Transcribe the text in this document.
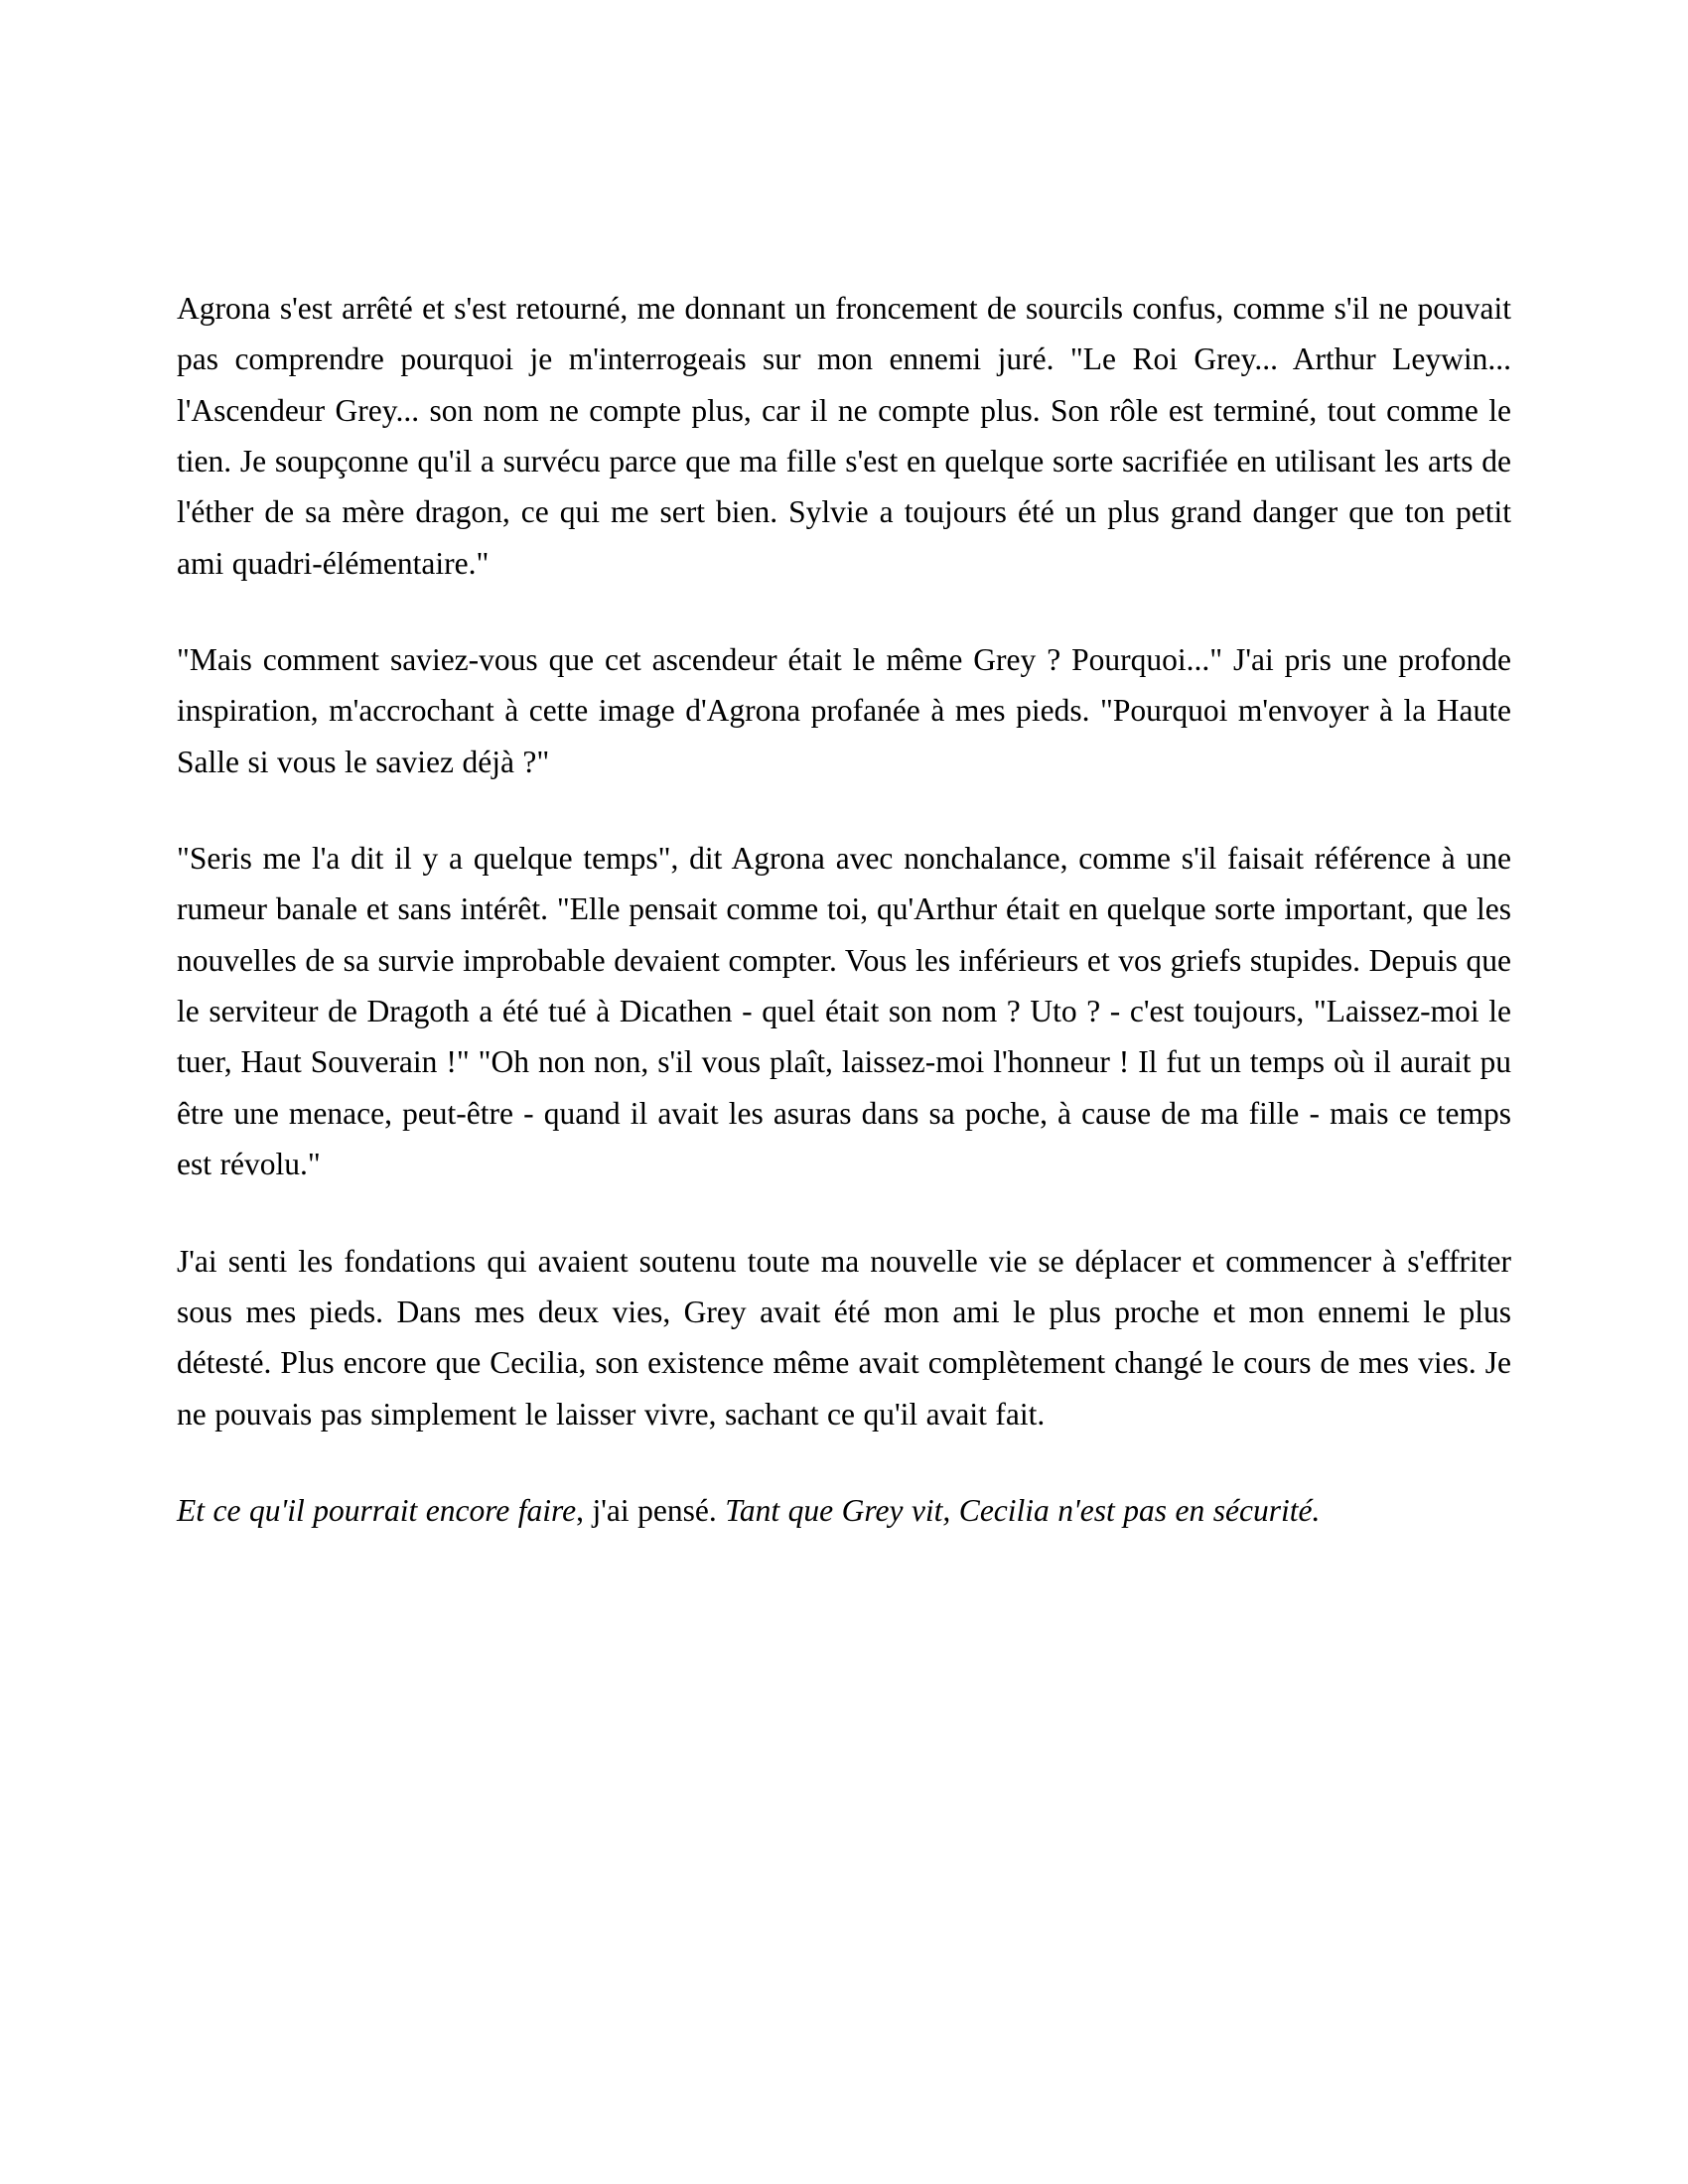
Agrona s'est arrêté et s'est retourné, me donnant un froncement de sourcils confus, comme s'il ne pouvait pas comprendre pourquoi je m'interrogeais sur mon ennemi juré. "Le Roi Grey... Arthur Leywin... l'Ascendeur Grey... son nom ne compte plus, car il ne compte plus. Son rôle est terminé, tout comme le tien. Je soupçonne qu'il a survécu parce que ma fille s'est en quelque sorte sacrifiée en utilisant les arts de l'éther de sa mère dragon, ce qui me sert bien. Sylvie a toujours été un plus grand danger que ton petit ami quadri-élémentaire."

"Mais comment saviez-vous que cet ascendeur était le même Grey ? Pourquoi..." J'ai pris une profonde inspiration, m'accrochant à cette image d'Agrona profanée à mes pieds. "Pourquoi m'envoyer à la Haute Salle si vous le saviez déjà ?"

"Seris me l'a dit il y a quelque temps", dit Agrona avec nonchalance, comme s'il faisait référence à une rumeur banale et sans intérêt. "Elle pensait comme toi, qu'Arthur était en quelque sorte important, que les nouvelles de sa survie improbable devaient compter. Vous les inférieurs et vos griefs stupides. Depuis que le serviteur de Dragoth a été tué à Dicathen - quel était son nom ? Uto ? - c'est toujours, "Laissez-moi le tuer, Haut Souverain !" "Oh non non, s'il vous plaît, laissez-moi l'honneur ! Il fut un temps où il aurait pu être une menace, peut-être - quand il avait les asuras dans sa poche, à cause de ma fille - mais ce temps est révolu."

J'ai senti les fondations qui avaient soutenu toute ma nouvelle vie se déplacer et commencer à s'effriter sous mes pieds. Dans mes deux vies, Grey avait été mon ami le plus proche et mon ennemi le plus détesté. Plus encore que Cecilia, son existence même avait complètement changé le cours de mes vies. Je ne pouvais pas simplement le laisser vivre, sachant ce qu'il avait fait.

Et ce qu'il pourrait encore faire, j'ai pensé. Tant que Grey vit, Cecilia n'est pas en sécurité.
